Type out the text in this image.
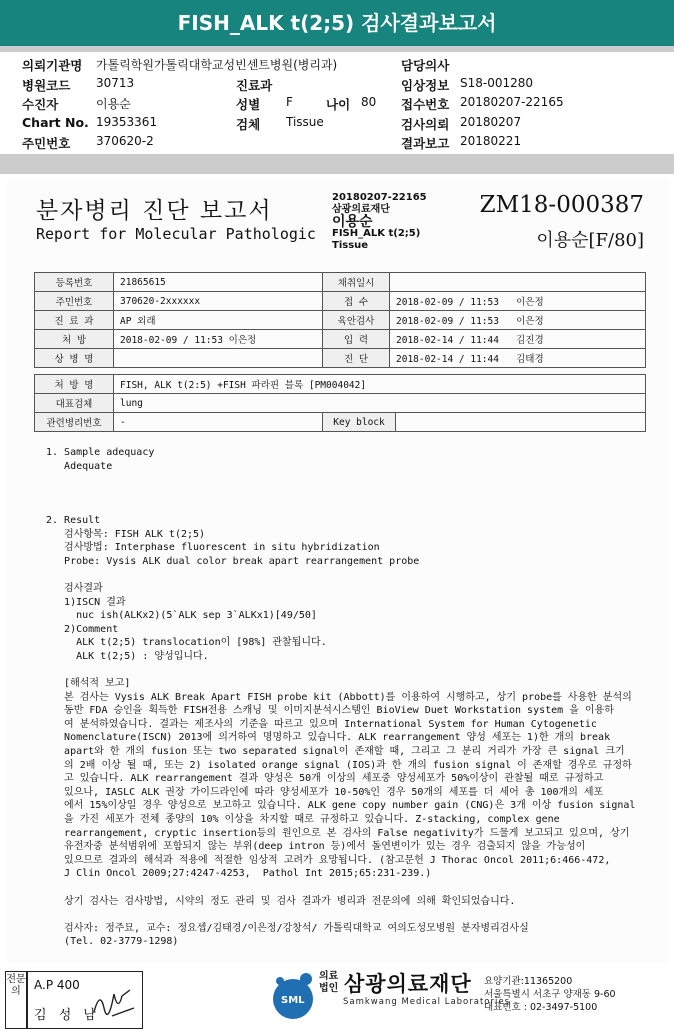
FISH_ALK t(2;5) 검사결과보고서
의뢰기관명 가톨릭학원가톨릭대학교성빈센트병원(병리과)	담당의사
병원코드 30713	진료과	임상정보 S18-001280
수진자	이용순	성별 F	나이 80 접수번호 20180207-22165
Chart No. 19353361	검체 Tissue	검사의뢰 20180207
주민번호 370620-2	결과보고 20180221
분자병리 진단 보고서
Report for Molecular Pathologic
20180207-22165
삼광의료재단
이용순
FISH_ALK t(2;5)
Tissue
ZM18-000387
이용순[F/80]
등록번호	21865615	채취일시	
주민번호	370620-2xxxxxx	접 수	2018-02-09 / 11:53 이은정
진 료 과	AP 외래	육안검사	2018-02-09 / 11:53 이은정
처 방	2018-02-09 / 11:53 이은정	입 력	2018-02-14 / 11:44 김진경
상 병 명		진 단	2018-02-14 / 11:44 김태경
처 방 명	FISH, ALK t(2:5) +FISH 파라핀 블록 [PM004042]		
대표검체	lung		
관련병리번호	-	Key block	
1. Sample adequacy
Adequate

2. Result
검사항목: FISH ALK t(2;5)
검사방법: Interphase fluorescent in situ hybridization
Probe: Vysis ALK dual color break apart rearrangement probe

검사결과
1)ISCN 결과
nuc ish(ALKx2)(5`ALK sep 3`ALKx1)[49/50]
2)Comment
ALK t(2;5) translocation이 [98%] 관찰됩니다.
ALK t(2;5) : 양성입니다.

[해석적 보고]
본 검사는 Vysis ALK Break Apart FISH probe kit (Abbott)를 이용하여 시행하고, 상기 probe를 사용한 분석의
동반 FDA 승인을 획득한 FISH전용 스캐닝 및 이미지분석시스템인 BioView Duet Workstation system 을 이용하
여 분석하였습니다. 결과는 제조사의 기준을 따르고 있으며 International System for Human Cytogenetic
Nomenclature(ISCN) 2013에 의거하여 명명하고 있습니다. ALK rearrangement 양성 세포는 1)한 개의 break
apart와 한 개의 fusion 또는 two separated signal이 존재할 때, 그리고 그 분리 거리가 가장 큰 signal 크기
의 2배 이상 될 때, 또는 2) isolated orange signal (IOS)과 한 개의 fusion signal 이 존재할 경우로 규정하
고 있습니다. ALK rearrangement 결과 양성은 50개 이상의 세포중 양성세포가 50%이상이 관찰될 때로 규정하고
있으나, IASLC ALK 권장 가이드라인에 따라 양성세포가 10-50%인 경우 50개의 세포를 더 세어 총 100개의 세포
에서 15%이상일 경우 양성으로 보고하고 있습니다. ALK gene copy number gain (CNG)은 3개 이상 fusion signal
을 가진 세포가 전체 종양의 10% 이상을 차지할 때로 규정하고 있습니다. Z-stacking, complex gene
rearrangement, cryptic insertion등의 원인으로 본 검사의 False negativity가 드물게 보고되고 있으며, 상기
유전자중 분석범위에 포함되지 않는 부위(deep intron 등)에서 돌연변이가 있는 경우 검출되지 않을 가능성이
있으므로 결과의 해석과 적용에 적절한 임상적 고려가 요망됩니다. (참고문헌 J Thorac Oncol 2011;6:466-472,
J Clin Oncol 2009;27:4247-4253,  Pathol Int 2015;65:231-239.)

상기 검사는 검사방법, 시약의 정도 관리 및 검사 결과가 병리과 전문의에 의해 확인되었습니다.

검사자: 정주묘, 교수: 정요셉/김태경/이은정/강창석/ 가톨릭대학교 여의도성모병원 분자병리검사실
(Tel. 02-3779-1298)
전문의	A.P 400
김 성 남
SML
의료
법인 삼광의료재단
Samkwang Medical Laboratories
요양기관:11365200
서울특별시 서초구 양재동 9-60
대표번호 : 02-3497-5100
